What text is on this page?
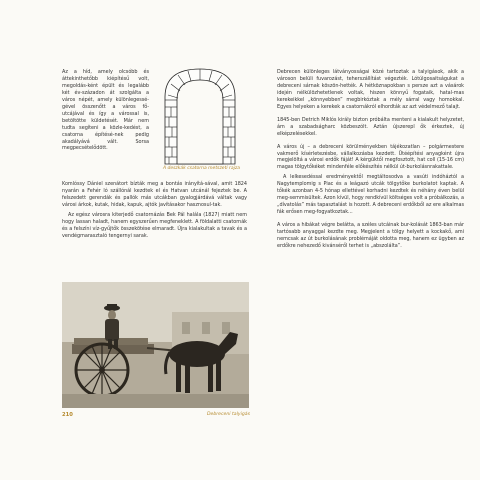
Az a híd, amely olcsóbb és áttekinthetőbb kiépítésű volt, megoldás-ként épült és legalább két év-századon át szolgálta a város népét, amely különlegessé-gével összenőtt a város fő-utcájával és így a várossal is, betöltötte küldetését. Már nem tudta segíteni a közle-kedést, a csatorna építésé-nek pedig akadályává vált. Sorsa megpecsételődött.

A deszkák csatorna metszeti rajza

Komlóssy Dániel szenátort bízták meg a bontás irányítá-sával, amit 1824 nyarán a Fehér ló szállónál kezdtek el és Hatvan utcánál fejeztek be. A felszedett gerendák és pallók más utcákban gyalogjárdává váltak vagy városi árkok, kutak, hidak, kapuk, ajtók javításakor hasznosul-tak.

Az egész városra kiterjedő csatornázás Bek Pál halála (1827) miatt nem hogy lassan haladt, hanem egyszerűen megfeneklett. A földalatti csatornák és a felszíni víz-gyűjtők összekötése elmaradt. Újra kialakultak a tavak és a vendégmarasztaló tengernyi sarak.

210	Debreceni talyigás

Debrecen különleges látványosságai közé tartoztak a talyigások, akik a városon belüli fuvarozást, teherszállítást végezték. Lótúlgosaitságukat a debreceni sárnak köszön-hették. A hétköznapokban s persze azt a vásárok idején nélkülözhetetlenek voltak, hiszen könnyű fogataik, hatal-mas kerekeikkel „könnyebben” megbirkóztak a mély sárral vagy homokkal. Egyes helyeken a kerekek a csatornákról elhordták az azt védelmező talajt.

1845-ben Detrich Miklós király bizton próbálta menteni a kialakult helyzetet, ám a szabadságharc közbeszólt. Aztán újszerepl ők érkeztek, új elképzelésekkel.

A város új – a debreceni körülményekben tájékozatlan – polgármestere vakmerő kísérletezésbe, vállalkozásba kezdett. Ütéépítési anyagként újra megjelöltá a városi erdők fáját! A kérgüktől megfosztott, hat coll (15-16 cm) magas tölgytőkéket mindenféle előkészítés nélkül út-burkolásnrakattale.

A lelkesedéssal eredményektől megtáltosodva a vasúti indóháztól a Nagytemplomig s Piac és a leágazó utcák tölgytőke burkolatot kaptak. A tőkék azonban 4-5 hónap ellettével korhadni kezdtek és néhány éven belül meg-semmisültek. Azon kívül, hogy rendkívül költséges volt a próbálkozás, a „dívatolás” más tapasztalást is hozott. A debreceni erdőkből az ere alkalmas fák erősen meg-fogyatkoztak...

A város a hibákat végre belátta, a széles utcáinak bur-kolását 1863-ban már tartósabb anyaggal kezdte meg. Megjelent a tölgy helyett a kockakő, ami nemcsak az út burkolásának problémáját oldotta meg, hanem ez ügyben az erdőkre nehezedő kivánséről terhet is „abszolálta”.
